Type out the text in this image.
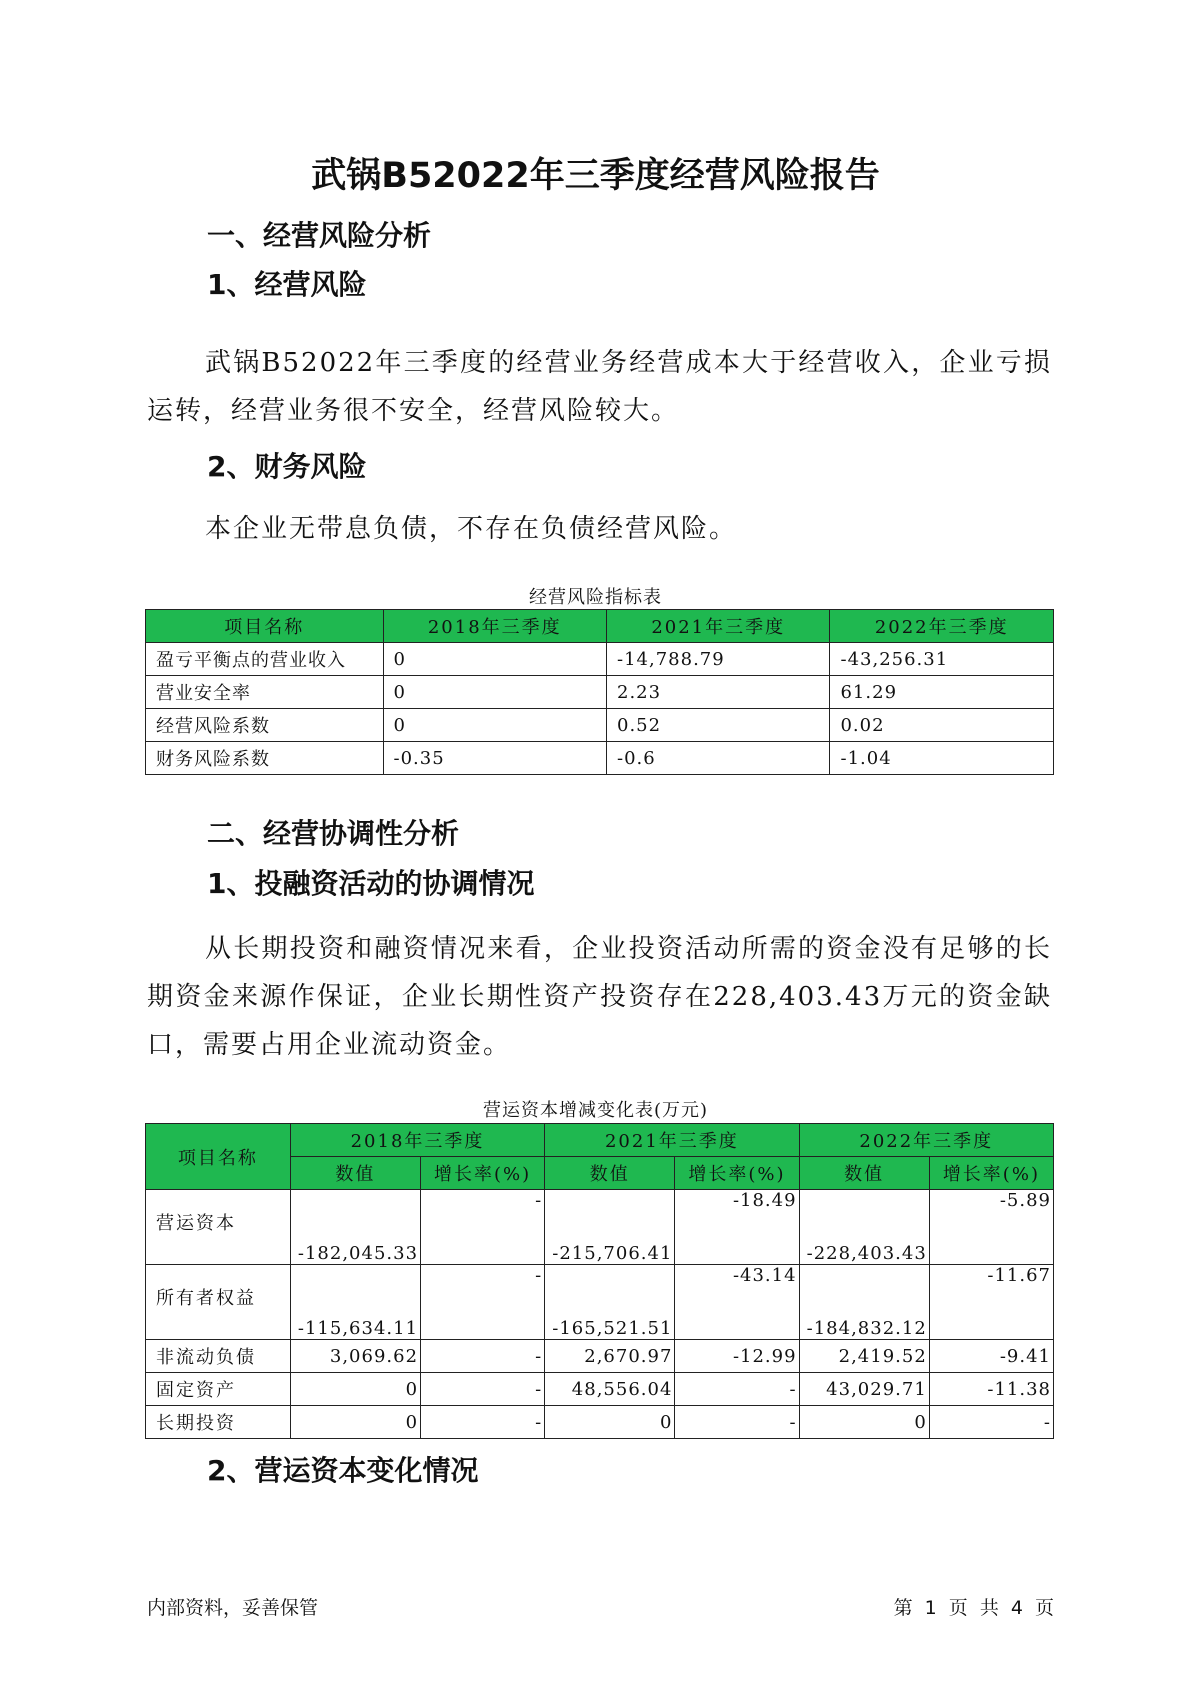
武锅B52022年三季度经营风险报告
一、经营风险分析
1、经营风险
武锅B52022年三季度的经营业务经营成本大于经营收入，企业亏损运转，经营业务很不安全，经营风险较大。
2、财务风险
本企业无带息负债，不存在负债经营风险。
经营风险指标表
项目名称	2018年三季度	2021年三季度	2022年三季度
盈亏平衡点的营业收入	0	-14,788.79	-43,256.31
营业安全率	0	2.23	61.29
经营风险系数	0	0.52	0.02
财务风险系数	-0.35	-0.6	-1.04
二、经营协调性分析
1、投融资活动的协调情况
从长期投资和融资情况来看，企业投资活动所需的资金没有足够的长期资金来源作保证，企业长期性资产投资存在228,403.43万元的资金缺口，需要占用企业流动资金。
营运资本增减变化表(万元)
项目名称	2018年三季度		2021年三季度		2022年三季度	
	数值	增长率(%)	数值	增长率(%)	数值	增长率(%)
营运资本	-182,045.33	-	-215,706.41	-18.49	-228,403.43	-5.89
所有者权益	-115,634.11	-	-165,521.51	-43.14	-184,832.12	-11.67
非流动负债	3,069.62	-	2,670.97	-12.99	2,419.52	-9.41
固定资产	0	-	48,556.04	-	43,029.71	-11.38
长期投资	0	-	0	-	0	-
2、营运资本变化情况
内部资料，妥善保管	第 1 页 共 4 页
